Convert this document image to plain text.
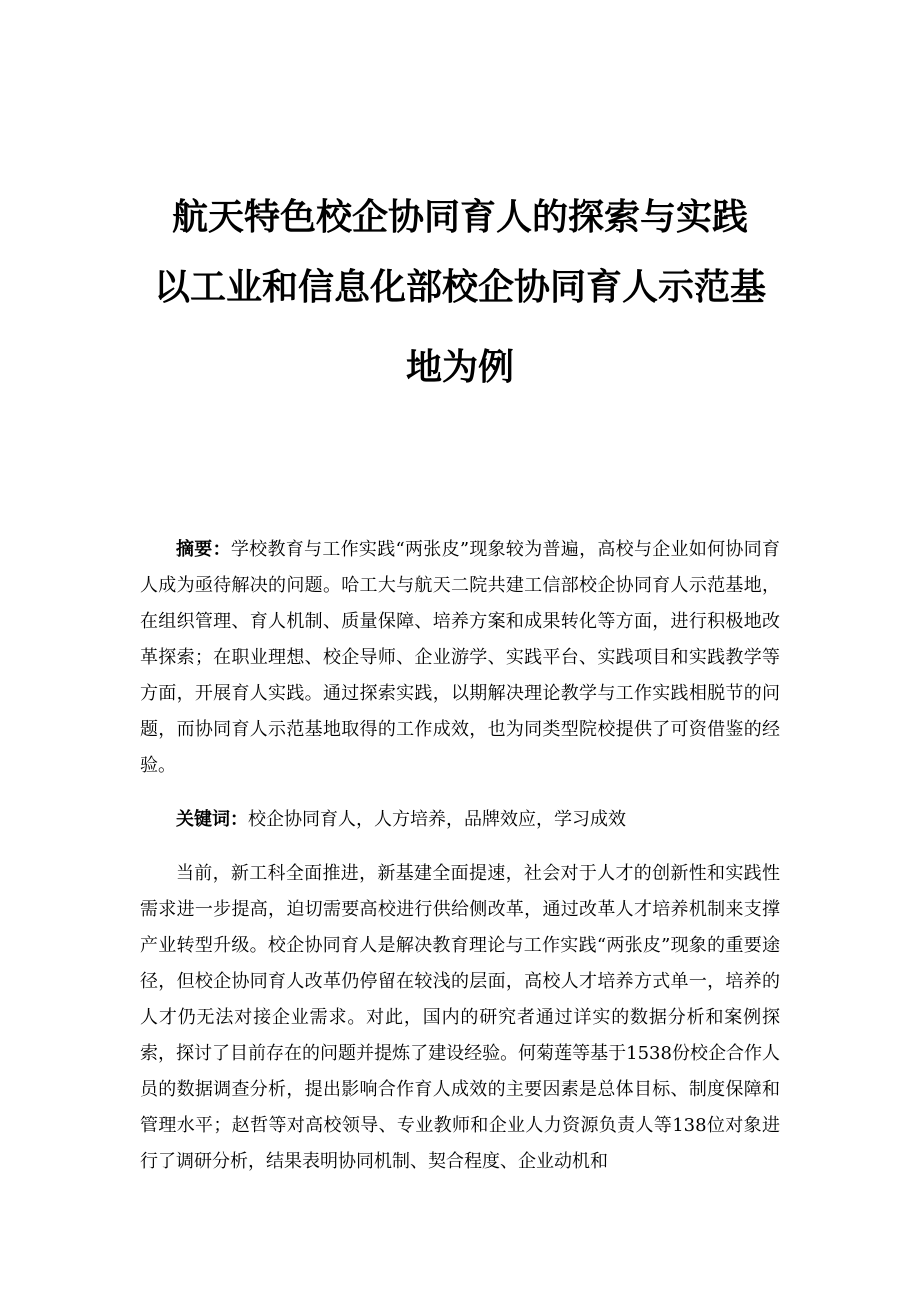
航天特色校企协同育人的探索与实践
以工业和信息化部校企协同育人示范基
地为例

摘要：学校教育与工作实践“两张皮”现象较为普遍，高校与企业如何协同育人成为亟待解决的问题。哈工大与航天二院共建工信部校企协同育人示范基地，在组织管理、育人机制、质量保障、培养方案和成果转化等方面，进行积极地改革探索；在职业理想、校企导师、企业游学、实践平台、实践项目和实践教学等方面，开展育人实践。通过探索实践，以期解决理论教学与工作实践相脱节的问题，而协同育人示范基地取得的工作成效，也为同类型院校提供了可资借鉴的经验。

关键词：校企协同育人，人方培养，品牌效应，学习成效

当前，新工科全面推进，新基建全面提速，社会对于人才的创新性和实践性需求进一步提高，迫切需要高校进行供给侧改革，通过改革人才培养机制来支撑产业转型升级。校企协同育人是解决教育理论与工作实践“两张皮”现象的重要途径，但校企协同育人改革仍停留在较浅的层面，高校人才培养方式单一，培养的人才仍无法对接企业需求。对此，国内的研究者通过详实的数据分析和案例探索，探讨了目前存在的问题并提炼了建设经验。何菊莲等基于1538份校企合作人员的数据调查分析，提出影响合作育人成效的主要因素是总体目标、制度保障和管理水平；赵哲等对高校领导、专业教师和企业人力资源负责人等138位对象进行了调研分析，结果表明协同机制、契合程度、企业动机和
